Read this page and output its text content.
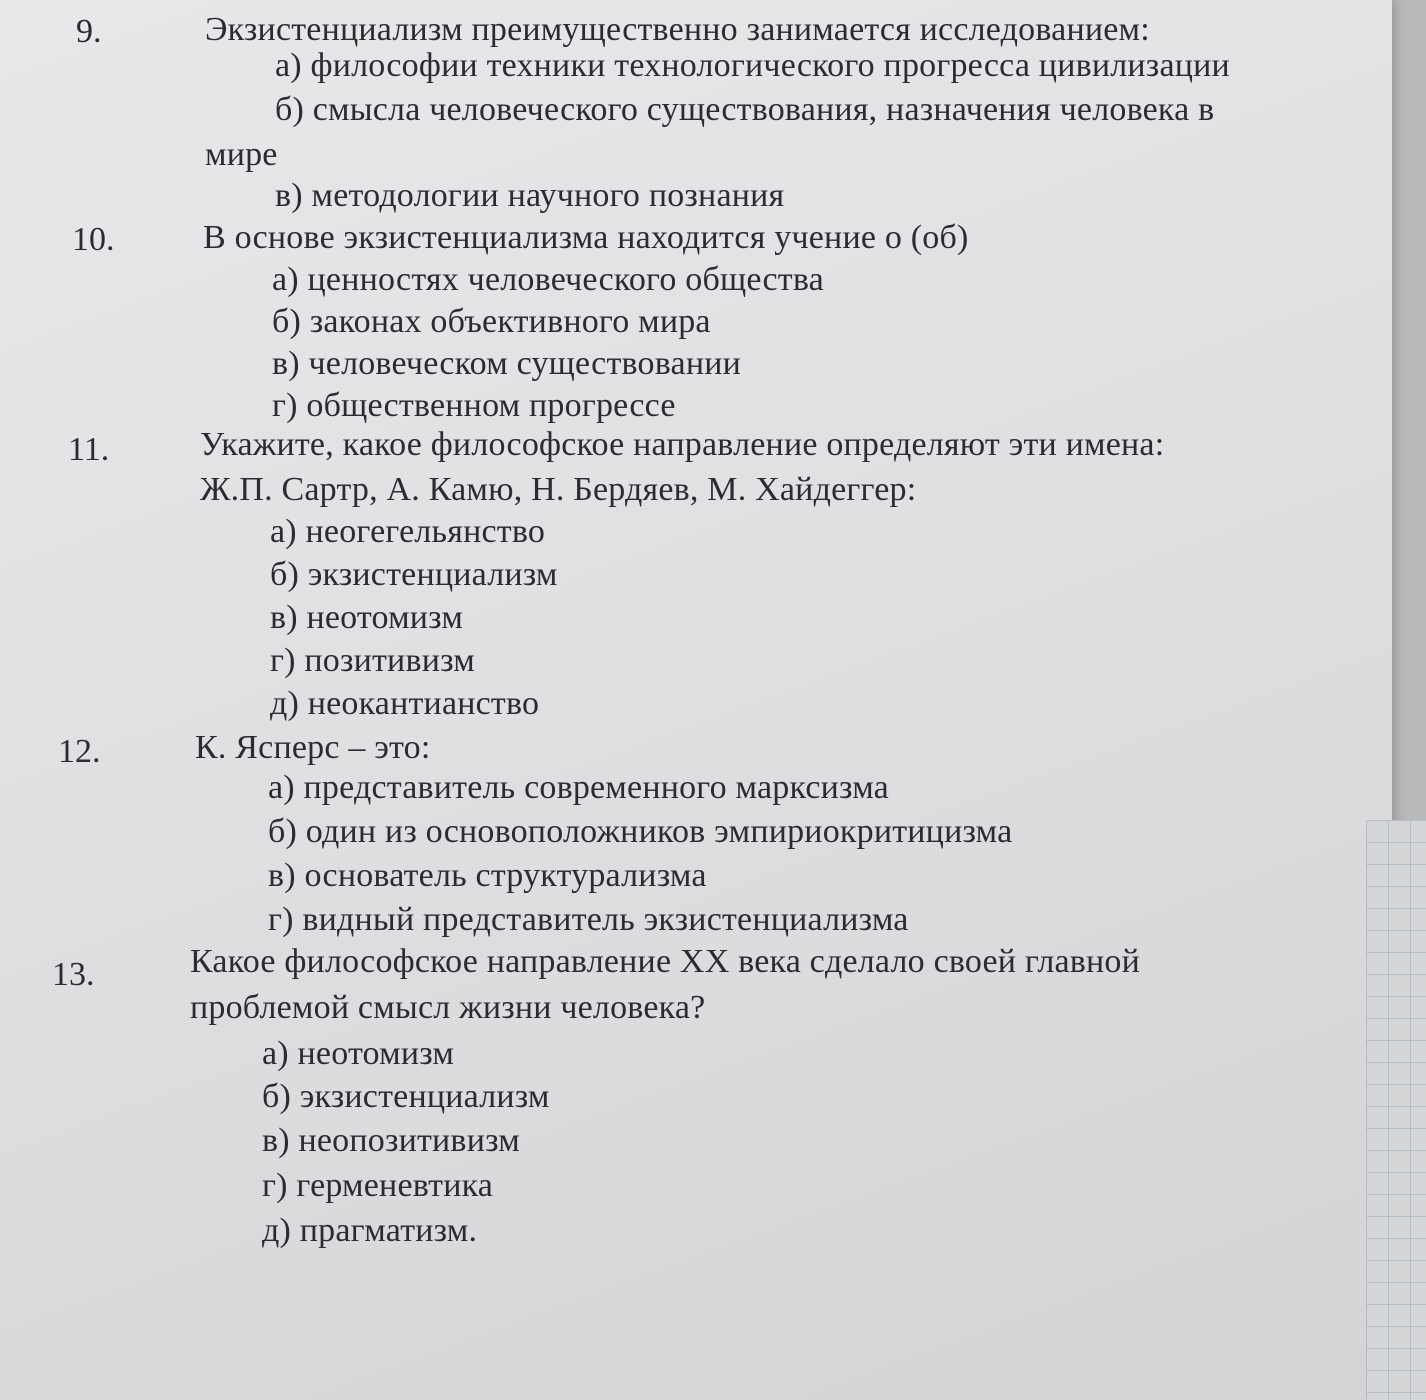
9.	Экзистенциализм преимущественно занимается исследованием:
а) философии техники технологического прогресса цивилизации
б) смысла человеческого существования, назначения человека в
мире
в) методологии научного познания
10.	В основе экзистенциализма находится учение о (об)
а) ценностях человеческого общества
б) законах объективного мира
в) человеческом существовании
г) общественном прогрессе
11.	Укажите, какое философское направление определяют эти имена:
Ж.П. Сартр, А. Камю, Н. Бердяев, М. Хайдеггер:
а) неогегельянство
б) экзистенциализм
в) неотомизм
г) позитивизм
д) неокантианство
12.	К. Ясперс – это:
а) представитель современного марксизма
б) один из основоположников эмпириокритицизма
в) основатель структурализма
г) видный представитель экзистенциализма
13.	Какое философское направление XX века сделало своей главной
проблемой смысл жизни человека?
а) неотомизм
б) экзистенциализм
в) неопозитивизм
г) герменевтика
д) прагматизм.
